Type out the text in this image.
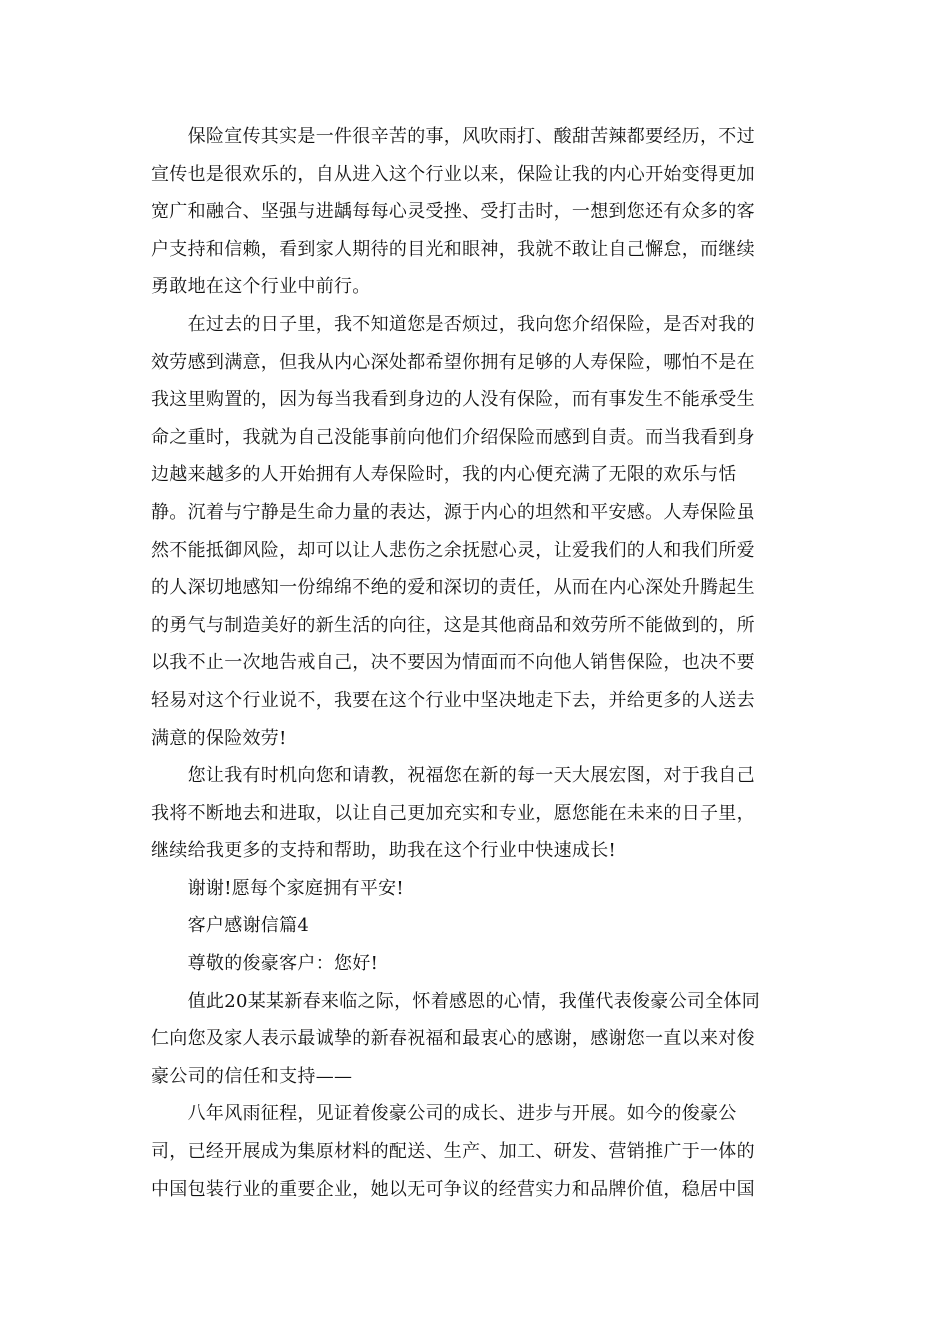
　　保险宣传其实是一件很辛苦的事，风吹雨打、酸甜苦辣都要经历，不过
宣传也是很欢乐的，自从进入这个行业以来，保险让我的内心开始变得更加
宽广和融合、坚强与进龋每每心灵受挫、受打击时，一想到您还有众多的客
户支持和信赖，看到家人期待的目光和眼神，我就不敢让自己懈怠，而继续
勇敢地在这个行业中前行。
　　在过去的日子里，我不知道您是否烦过，我向您介绍保险，是否对我的
效劳感到满意，但我从内心深处都希望你拥有足够的人寿保险，哪怕不是在
我这里购置的，因为每当我看到身边的人没有保险，而有事发生不能承受生
命之重时，我就为自己没能事前向他们介绍保险而感到自责。而当我看到身
边越来越多的人开始拥有人寿保险时，我的内心便充满了无限的欢乐与恬
静。沉着与宁静是生命力量的表达，源于内心的坦然和平安感。人寿保险虽
然不能抵御风险，却可以让人悲伤之余抚慰心灵，让爱我们的人和我们所爱
的人深切地感知一份绵绵不绝的爱和深切的责任，从而在内心深处升腾起生
的勇气与制造美好的新生活的向往，这是其他商品和效劳所不能做到的，所
以我不止一次地告戒自己，决不要因为情面而不向他人销售保险，也决不要
轻易对这个行业说不，我要在这个行业中坚决地走下去，并给更多的人送去
满意的保险效劳!
　　您让我有时机向您和请教，祝福您在新的每一天大展宏图，对于我自己
我将不断地去和进取，以让自己更加充实和专业，愿您能在未来的日子里，
继续给我更多的支持和帮助，助我在这个行业中快速成长!
　　谢谢!愿每个家庭拥有平安!
　　客户感谢信篇4
　　尊敬的俊豪客户：您好!
　　值此20某某新春来临之际，怀着感恩的心情，我僅代表俊豪公司全体同
仁向您及家人表示最诚挚的新春祝福和最衷心的感谢，感谢您一直以来对俊
豪公司的信任和支持——
　　八年风雨征程，见证着俊豪公司的成长、进步与开展。如今的俊豪公
司，已经开展成为集原材料的配送、生产、加工、研发、营销推广于一体的
中国包装行业的重要企业，她以无可争议的经营实力和品牌价值，稳居中国
